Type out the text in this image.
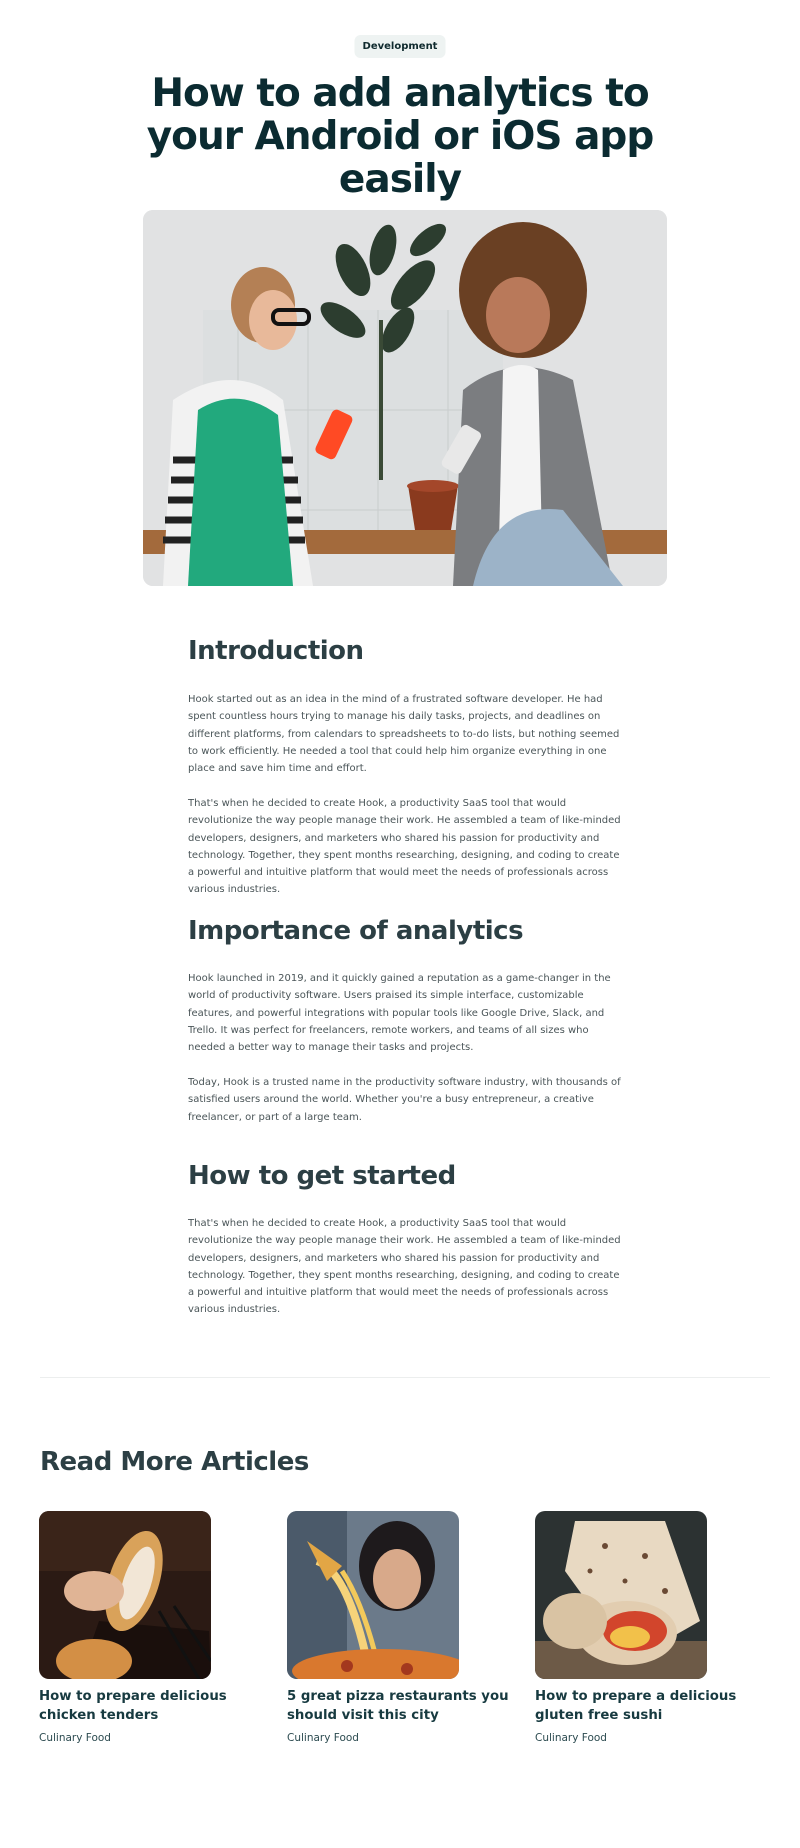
Development
How to add analytics to your Android or iOS app easily
Introduction

Hook started out as an idea in the mind of a frustrated software developer. He had spent countless hours trying to manage his daily tasks, projects, and deadlines on different platforms, from calendars to spreadsheets to to-do lists, but nothing seemed to work efficiently. He needed a tool that could help him organize everything in one place and save him time and effort.

That's when he decided to create Hook, a productivity SaaS tool that would revolutionize the way people manage their work. He assembled a team of like-minded developers, designers, and marketers who shared his passion for productivity and technology. Together, they spent months researching, designing, and coding to create a powerful and intuitive platform that would meet the needs of professionals across various industries.

Importance of analytics

Hook launched in 2019, and it quickly gained a reputation as a game-changer in the world of productivity software. Users praised its simple interface, customizable features, and powerful integrations with popular tools like Google Drive, Slack, and Trello. It was perfect for freelancers, remote workers, and teams of all sizes who needed a better way to manage their tasks and projects.

Today, Hook is a trusted name in the productivity software industry, with thousands of satisfied users around the world. Whether you're a busy entrepreneur, a creative freelancer, or part of a large team.

How to get started

That's when he decided to create Hook, a productivity SaaS tool that would revolutionize the way people manage their work. He assembled a team of like-minded developers, designers, and marketers who shared his passion for productivity and technology. Together, they spent months researching, designing, and coding to create a powerful and intuitive platform that would meet the needs of professionals across various industries.

Read More Articles
How to prepare delicious chicken tenders
Culinary Food
5 great pizza restaurants you should visit this city
Culinary Food
How to prepare a delicious gluten free sushi
Culinary Food
